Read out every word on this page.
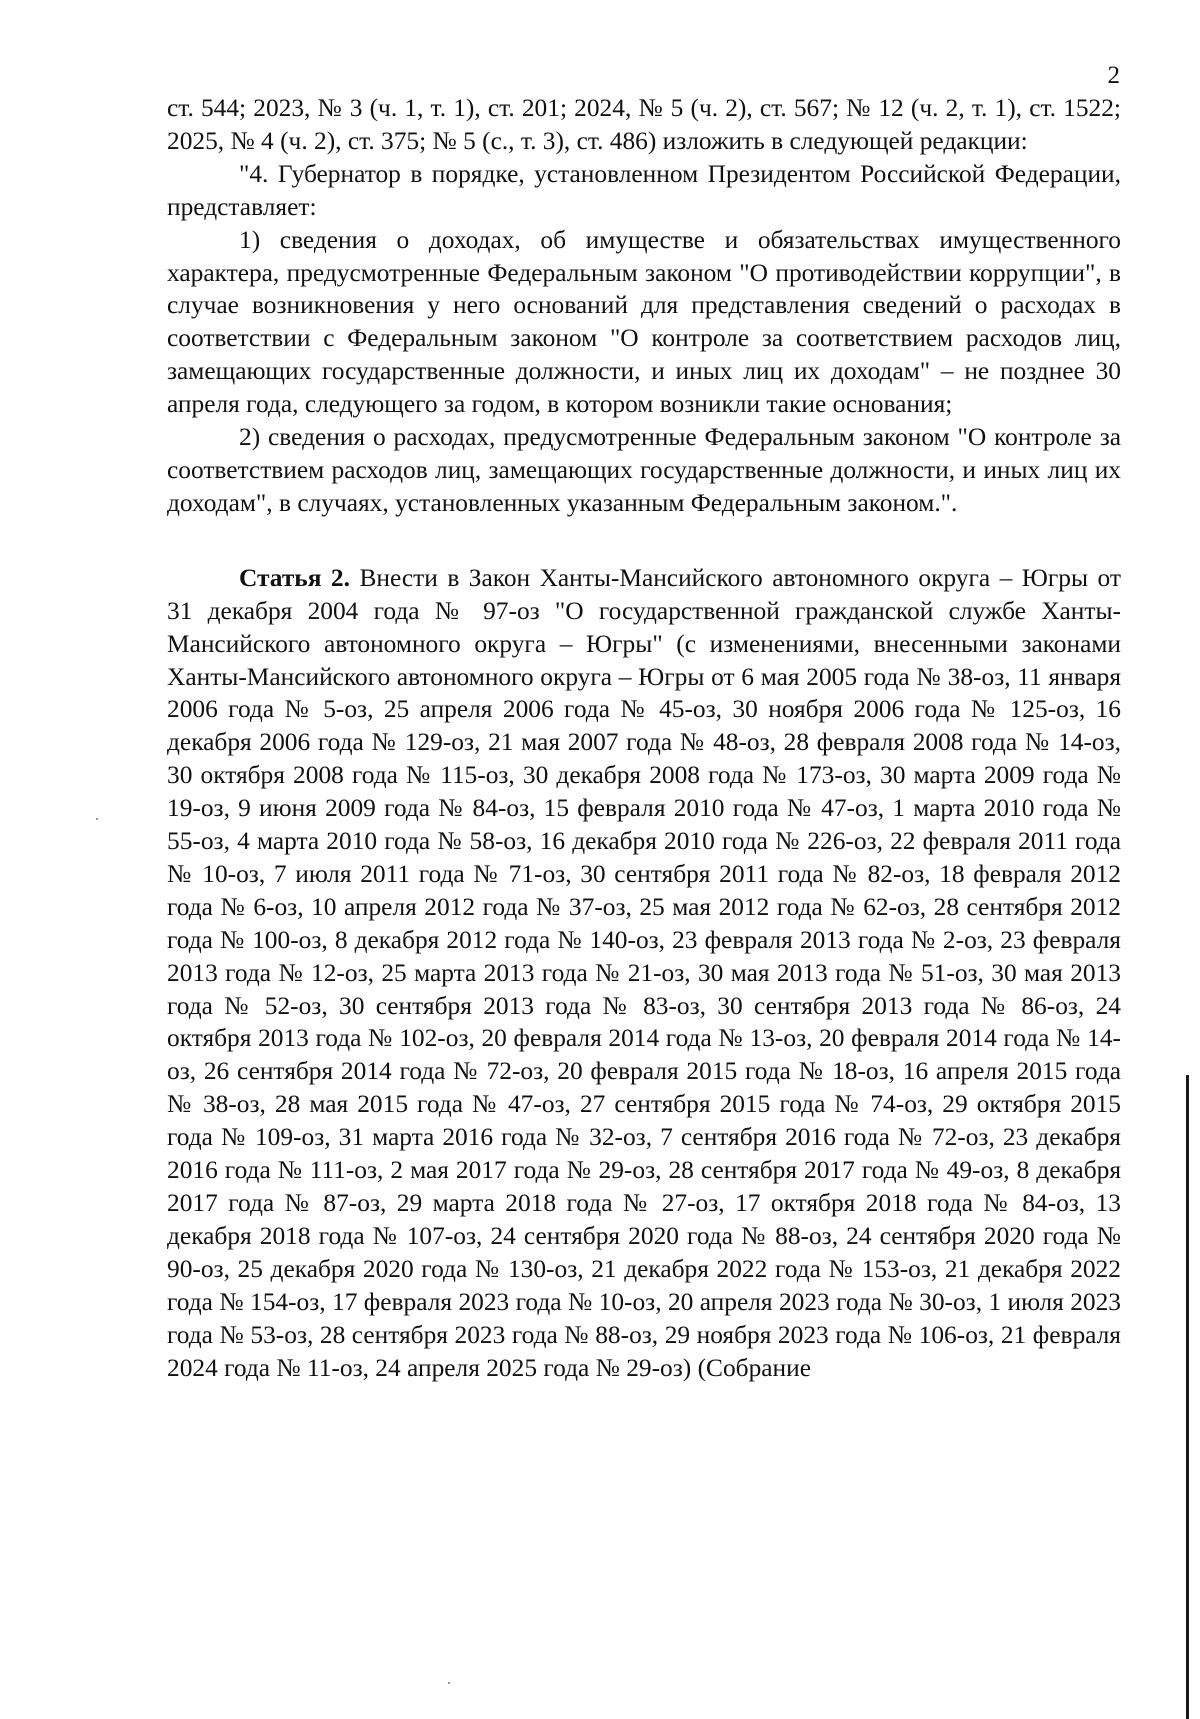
2

ст. 544; 2023, № 3 (ч. 1, т. 1), ст. 201; 2024, № 5 (ч. 2), ст. 567; № 12 (ч. 2, т. 1), ст. 1522; 2025, № 4 (ч. 2), ст. 375; № 5 (с., т. 3), ст. 486) изложить в следующей редакции:

"4. Губернатор в порядке, установленном Президентом Российской Федерации, представляет:

1) сведения о доходах, об имуществе и обязательствах имущественного характера, предусмотренные Федеральным законом "О противодействии коррупции", в случае возникновения у него оснований для представления сведений о расходах в соответствии с Федеральным законом "О контроле за соответствием расходов лиц, замещающих государственные должности, и иных лиц их доходам" – не позднее 30 апреля года, следующего за годом, в котором возникли такие основания;

2) сведения о расходах, предусмотренные Федеральным законом "О контроле за соответствием расходов лиц, замещающих государственные должности, и иных лиц их доходам", в случаях, установленных указанным Федеральным законом.".

Статья 2. Внести в Закон Ханты-Мансийского автономного округа – Югры от 31 декабря 2004 года № 97-оз "О государственной гражданской службе Ханты-Мансийского автономного округа – Югры" (с изменениями, внесенными законами Ханты-Мансийского автономного округа – Югры от 6 мая 2005 года № 38-оз, 11 января 2006 года № 5-оз, 25 апреля 2006 года № 45-оз, 30 ноября 2006 года № 125-оз, 16 декабря 2006 года № 129-оз, 21 мая 2007 года № 48-оз, 28 февраля 2008 года № 14-оз, 30 октября 2008 года № 115-оз, 30 декабря 2008 года № 173-оз, 30 марта 2009 года № 19-оз, 9 июня 2009 года № 84-оз, 15 февраля 2010 года № 47-оз, 1 марта 2010 года № 55-оз, 4 марта 2010 года № 58-оз, 16 декабря 2010 года № 226-оз, 22 февраля 2011 года № 10-оз, 7 июля 2011 года № 71-оз, 30 сентября 2011 года № 82-оз, 18 февраля 2012 года № 6-оз, 10 апреля 2012 года № 37-оз, 25 мая 2012 года № 62-оз, 28 сентября 2012 года № 100-оз, 8 декабря 2012 года № 140-оз, 23 февраля 2013 года № 2-оз, 23 февраля 2013 года № 12-оз, 25 марта 2013 года № 21-оз, 30 мая 2013 года № 51-оз, 30 мая 2013 года № 52-оз, 30 сентября 2013 года № 83-оз, 30 сентября 2013 года № 86-оз, 24 октября 2013 года № 102-оз, 20 февраля 2014 года № 13-оз, 20 февраля 2014 года № 14-оз, 26 сентября 2014 года № 72-оз, 20 февраля 2015 года № 18-оз, 16 апреля 2015 года № 38-оз, 28 мая 2015 года № 47-оз, 27 сентября 2015 года № 74-оз, 29 октября 2015 года № 109-оз, 31 марта 2016 года № 32-оз, 7 сентября 2016 года № 72-оз, 23 декабря 2016 года № 111-оз, 2 мая 2017 года № 29-оз, 28 сентября 2017 года № 49-оз, 8 декабря 2017 года № 87-оз, 29 марта 2018 года № 27-оз, 17 октября 2018 года № 84-оз, 13 декабря 2018 года № 107-оз, 24 сентября 2020 года № 88-оз, 24 сентября 2020 года № 90-оз, 25 декабря 2020 года № 130-оз, 21 декабря 2022 года № 153-оз, 21 декабря 2022 года № 154-оз, 17 февраля 2023 года № 10-оз, 20 апреля 2023 года № 30-оз, 1 июля 2023 года № 53-оз, 28 сентября 2023 года № 88-оз, 29 ноября 2023 года № 106-оз, 21 февраля 2024 года № 11-оз, 24 апреля 2025 года № 29-оз) (Собрание
